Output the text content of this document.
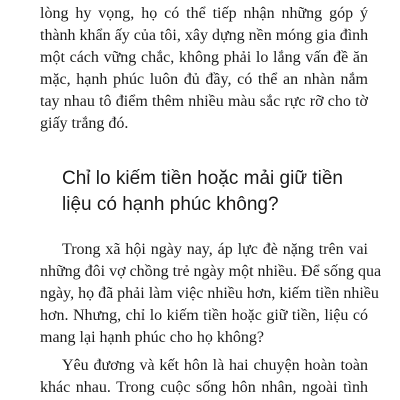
lòng hy vọng, họ có thể tiếp nhận những góp ý
thành khẩn ấy của tôi, xây dựng nền móng gia đình
một cách vững chắc, không phải lo lắng vấn đề ăn
mặc, hạnh phúc luôn đủ đầy, có thể an nhàn nắm
tay nhau tô điểm thêm nhiều màu sắc rực rỡ cho tờ
giấy trắng đó.
Chỉ lo kiếm tiền hoặc mải giữ tiền
liệu có hạnh phúc không?
Trong xã hội ngày nay, áp lực đè nặng trên vai
những đôi vợ chồng trẻ ngày một nhiều. Để sống qua
ngày, họ đã phải làm việc nhiều hơn, kiếm tiền nhiều
hơn. Nhưng, chỉ lo kiếm tiền hoặc giữ tiền, liệu có
mang lại hạnh phúc cho họ không?
Yêu đương và kết hôn là hai chuyện hoàn toàn
khác nhau. Trong cuộc sống hôn nhân, ngoài tình
